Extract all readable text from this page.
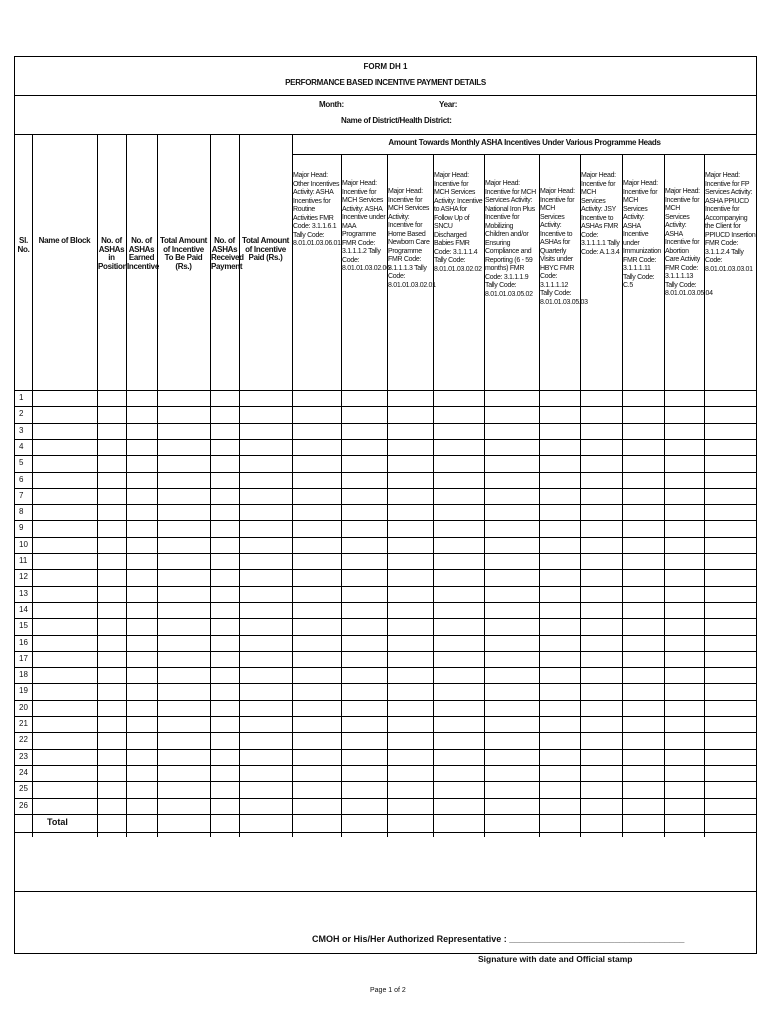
FORM DH 1
PERFORMANCE BASED INCENTIVE PAYMENT DETAILS
Month:	Year:
Name of District/Health District:
Amount Towards Monthly ASHA Incentives Under Various Programme Heads
Sl. No.
Name of Block	No. of ASHAs in Position
No. of ASHAs Earned Incentive
Total Amount of Incentive To Be Paid (Rs.)
No. of ASHAs Received Payment
Total Amount of Incentive Paid (Rs.)
Major Head: Other Incentives Activity: ASHA Incentives for Routine Activities FMR Code: 3.1.1.6.1 Tally Code: 8.01.01.03.06.01
Major Head: Incentive for MCH Services Activity: ASHA Incentive under MAA Programme FMR Code: 3.1.1.1.2 Tally Code: 8.01.01.03.02.06
Major Head: Incentive for MCH Services Activity: Incentive for Home Based Newborn Care Programme FMR Code: 3.1.1.1.3 Tally Code: 8.01.01.03.02.01
Major Head: Incentive for MCH Services Activity: Incentive to ASHA for Follow Up of SNCU Discharged Babies FMR Code: 3.1.1.1.4 Tally Code: 8.01.01.03.02.02
Major Head: Incentive for MCH Services Activity: National Iron Plus Incentive for Mobilizing Children and/or Ensuring Compliance and Reporting (6 - 59 months) FMR Code: 3.1.1.1.9 Tally Code: 8.01.01.03.05.02
Major Head: Incentive for MCH Services Activity: Incentive to ASHAs for Quarterly Visits under HBYC FMR Code: 3.1.1.1.12 Tally Code: 8.01.01.03.05.03
Major Head: Incentive for MCH Services Activity: JSY Incentive to ASHAs FMR Code: 3.1.1.1.1 Tally Code: A.1.3.4
Major Head: Incentive for MCH Services Activity: ASHA Incentive under Immunization FMR Code: 3.1.1.1.11 Tally Code: C.5
Major Head: Incentive for MCH Services Activity: ASHA Incentive for Abortion Care Activity FMR Code: 3.1.1.1.13 Tally Code: 8.01.01.03.05.04
Major Head: Incentive for FP Services Activity: ASHA PPIUCD Incentive for Accompanying the Client for PPIUCD Insertion FMR Code: 3.1.1.2.4 Tally Code: 8.01.01.03.03.01
1
2
3
4
5
6
7
8
9
10
11
12
13
14
15
16
17
18
19
20
21
22
23
24
25
26
Total
CMOH or His/Her Authorized Representative : ___________________________________
Signature with date and Official stamp
Page 1 of 2
